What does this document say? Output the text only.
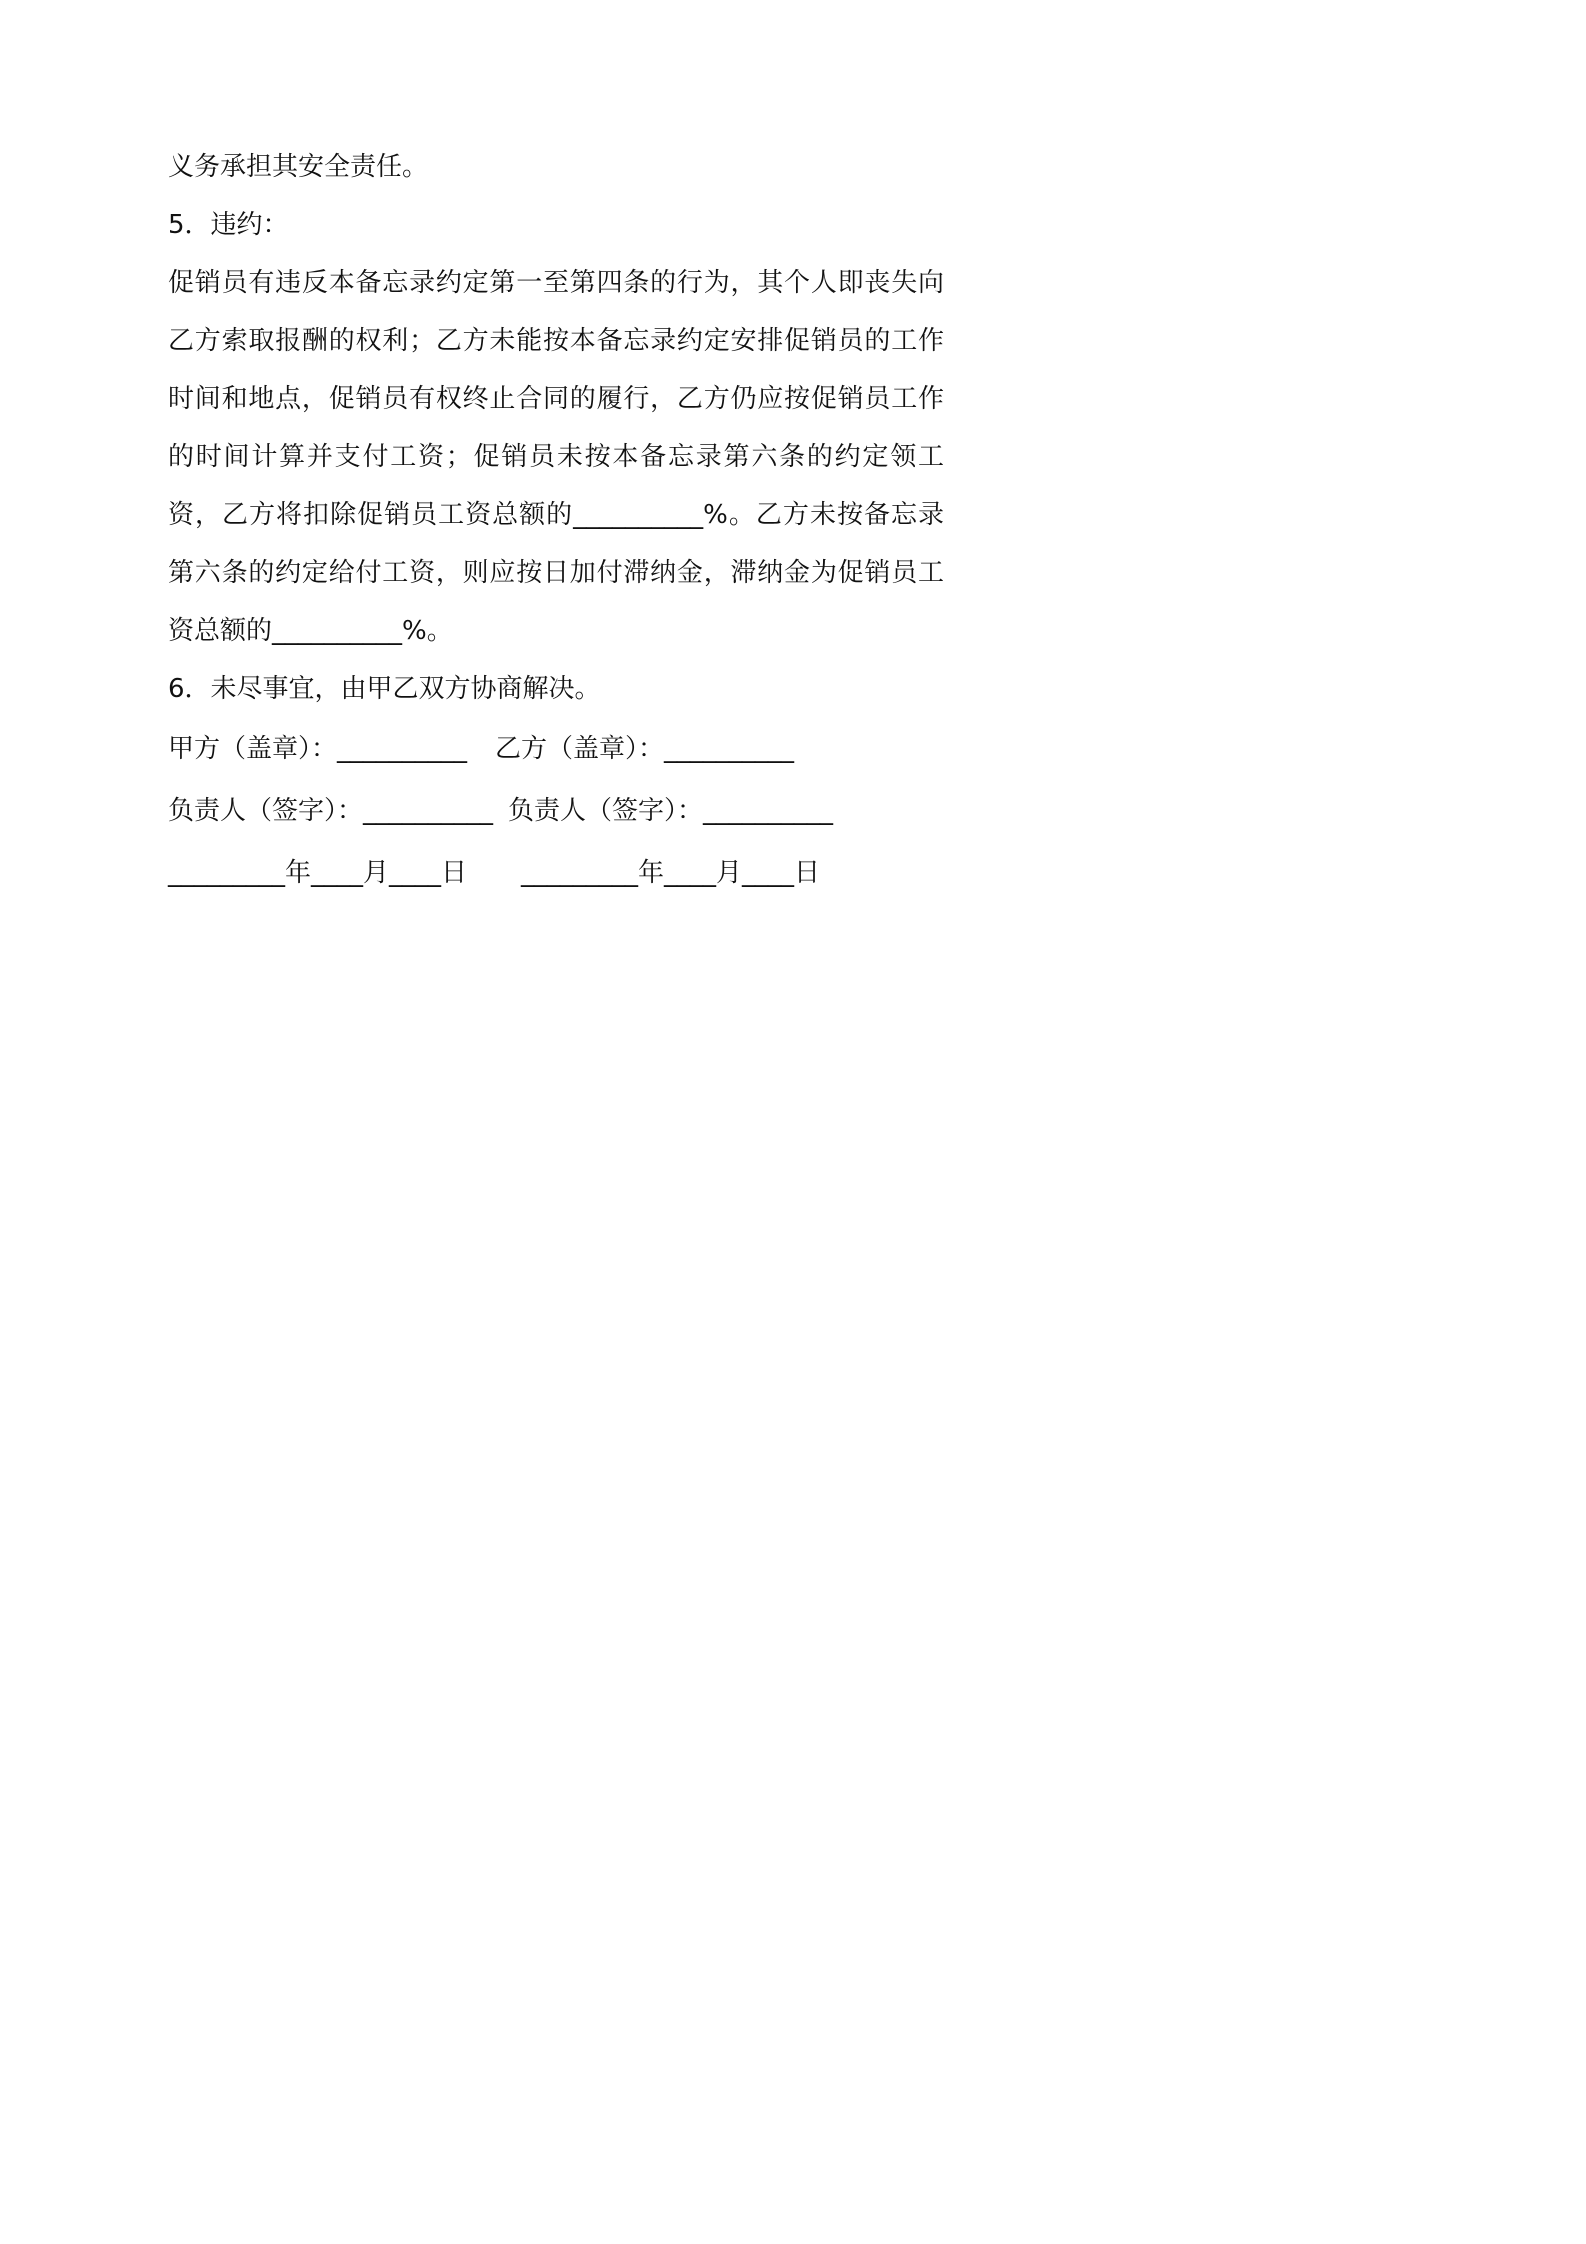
义务承担其安全责任。
5．违约：
促销员有违反本备忘录约定第一至第四条的行为，其个人即丧失向乙方索取报酬的权利；乙方未能按本备忘录约定安排促销员的工作时间和地点，促销员有权终止合同的履行，乙方仍应按促销员工作的时间计算并支付工资；促销员未按本备忘录第六条的约定领工资，乙方将扣除促销员工资总额的__________%。乙方未按备忘录第六条的约定给付工资，则应按日加付滞纳金，滞纳金为促销员工资总额的__________%。
6．未尽事宜，由甲乙双方协商解决。
甲方（盖章）：__________ 乙方（盖章）：__________
负责人（签字）：__________ 负责人（签字）：__________
_________年____月____日 _________年____月____日
